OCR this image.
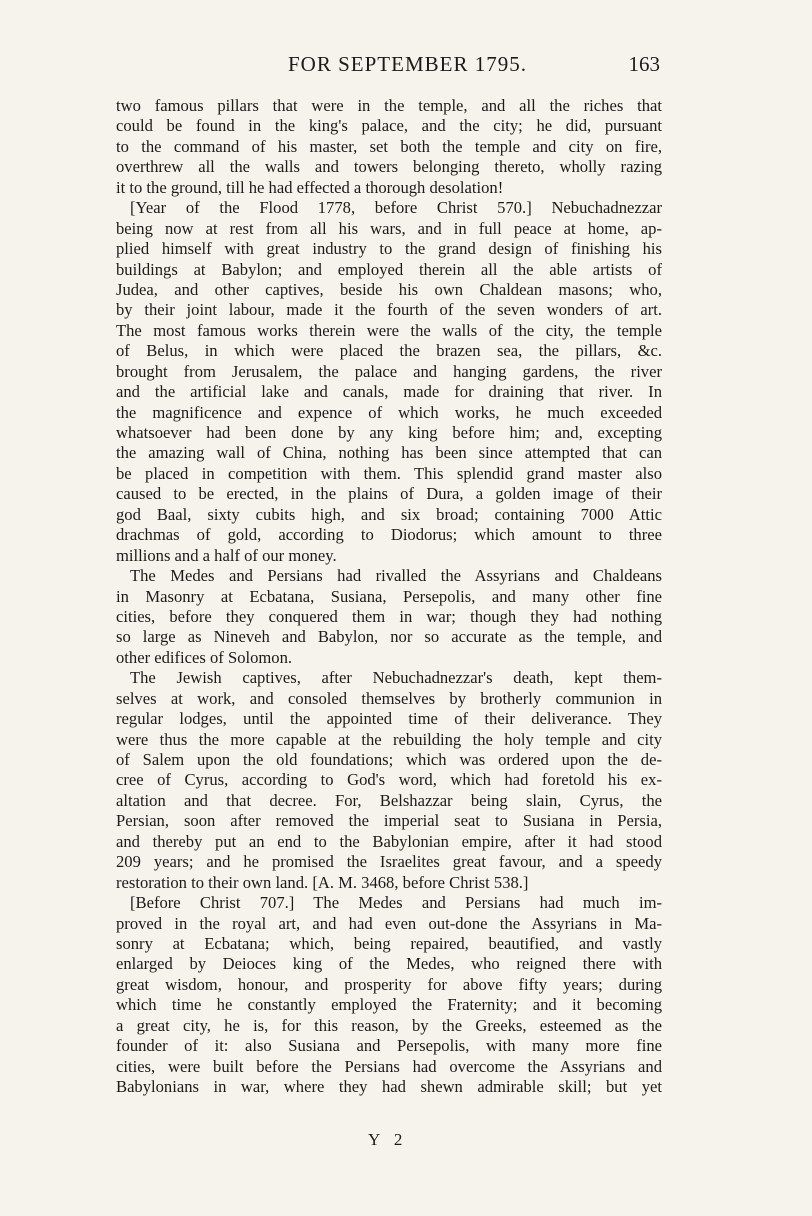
FOR SEPTEMBER 1795.	163
two famous pillars that were in the temple, and all the riches that
could be found in the king's palace, and the city; he did, pursuant
to the command of his master, set both the temple and city on fire,
overthrew all the walls and towers belonging thereto, wholly razing
it to the ground, till he had effected a thorough desolation!
[Year of the Flood 1778, before Christ 570.] Nebuchadnezzar
being now at rest from all his wars, and in full peace at home, ap-
plied himself with great industry to the grand design of finishing his
buildings at Babylon; and employed therein all the able artists of
Judea, and other captives, beside his own Chaldean masons; who,
by their joint labour, made it the fourth of the seven wonders of art.
The most famous works therein were the walls of the city, the temple
of Belus, in which were placed the brazen sea, the pillars, &c.
brought from Jerusalem, the palace and hanging gardens, the river
and the artificial lake and canals, made for draining that river. In
the magnificence and expence of which works, he much exceeded
whatsoever had been done by any king before him; and, excepting
the amazing wall of China, nothing has been since attempted that can
be placed in competition with them. This splendid grand master also
caused to be erected, in the plains of Dura, a golden image of their
god Baal, sixty cubits high, and six broad; containing 7000 Attic
drachmas of gold, according to Diodorus; which amount to three
millions and a half of our money.
The Medes and Persians had rivalled the Assyrians and Chaldeans
in Masonry at Ecbatana, Susiana, Persepolis, and many other fine
cities, before they conquered them in war; though they had nothing
so large as Nineveh and Babylon, nor so accurate as the temple, and
other edifices of Solomon.
The Jewish captives, after Nebuchadnezzar's death, kept them-
selves at work, and consoled themselves by brotherly communion in
regular lodges, until the appointed time of their deliverance. They
were thus the more capable at the rebuilding the holy temple and city
of Salem upon the old foundations; which was ordered upon the de-
cree of Cyrus, according to God's word, which had foretold his ex-
altation and that decree. For, Belshazzar being slain, Cyrus, the
Persian, soon after removed the imperial seat to Susiana in Persia,
and thereby put an end to the Babylonian empire, after it had stood
209 years; and he promised the Israelites great favour, and a speedy
restoration to their own land. [A. M. 3468, before Christ 538.]
[Before Christ 707.] The Medes and Persians had much im-
proved in the royal art, and had even out-done the Assyrians in Ma-
sonry at Ecbatana; which, being repaired, beautified, and vastly
enlarged by Deioces king of the Medes, who reigned there with
great wisdom, honour, and prosperity for above fifty years; during
which time he constantly employed the Fraternity; and it becoming
a great city, he is, for this reason, by the Greeks, esteemed as the
founder of it: also Susiana and Persepolis, with many more fine
cities, were built before the Persians had overcome the Assyrians and
Babylonians in war, where they had shewn admirable skill; but yet
Y 2
